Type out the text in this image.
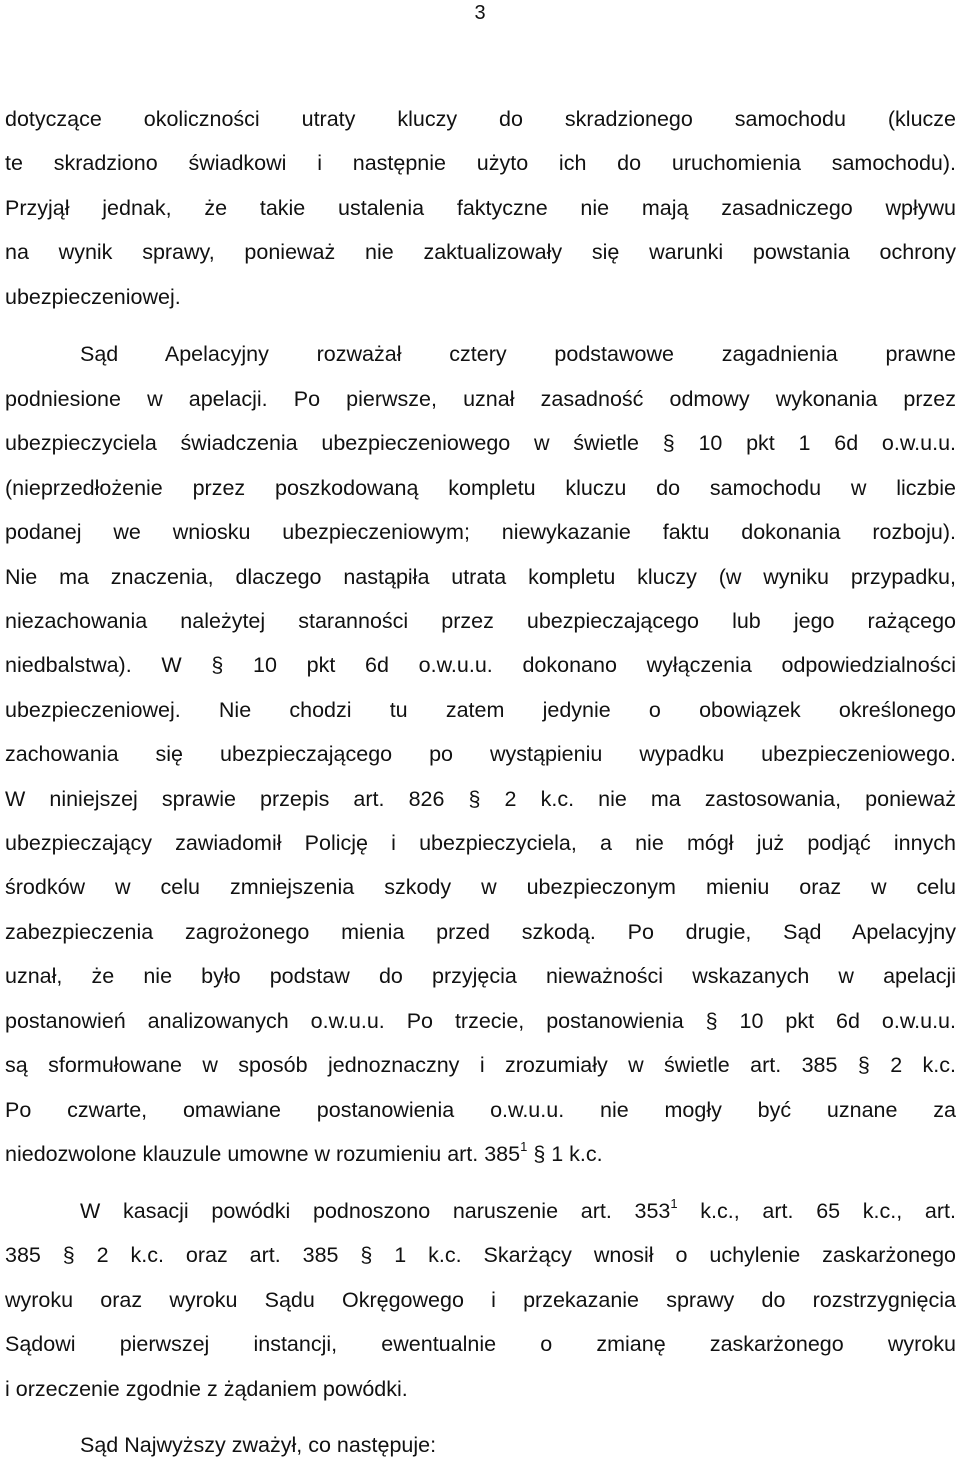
3
dotyczące okoliczności utraty kluczy do skradzionego samochodu (klucze
te skradziono świadkowi i następnie użyto ich do uruchomienia samochodu).
Przyjął jednak, że takie ustalenia faktyczne nie mają zasadniczego wpływu
na wynik sprawy, ponieważ nie zaktualizowały się warunki powstania ochrony
ubezpieczeniowej.
Sąd Apelacyjny rozważał cztery podstawowe zagadnienia prawne
podniesione w apelacji. Po pierwsze, uznał zasadność odmowy wykonania przez
ubezpieczyciela świadczenia ubezpieczeniowego w świetle § 10 pkt 1 6d o.w.u.u.
(nieprzedłożenie przez poszkodowaną kompletu kluczu do samochodu w liczbie
podanej we wniosku ubezpieczeniowym; niewykazanie faktu dokonania rozboju).
Nie ma znaczenia, dlaczego nastąpiła utrata kompletu kluczy (w wyniku przypadku,
niezachowania należytej staranności przez ubezpieczającego lub jego rażącego
niedbalstwa). W § 10 pkt 6d o.w.u.u. dokonano wyłączenia odpowiedzialności
ubezpieczeniowej. Nie chodzi tu zatem jedynie o obowiązek określonego
zachowania się ubezpieczającego po wystąpieniu wypadku ubezpieczeniowego.
W niniejszej sprawie przepis art. 826 § 2 k.c. nie ma zastosowania, ponieważ
ubezpieczający zawiadomił Policję i ubezpieczyciela, a nie mógł już podjąć innych
środków w celu zmniejszenia szkody w ubezpieczonym mieniu oraz w celu
zabezpieczenia zagrożonego mienia przed szkodą. Po drugie, Sąd Apelacyjny
uznał, że nie było podstaw do przyjęcia nieważności wskazanych w apelacji
postanowień analizowanych o.w.u.u. Po trzecie, postanowienia § 10 pkt 6d o.w.u.u.
są sformułowane w sposób jednoznaczny i zrozumiały w świetle art. 385 § 2 k.c.
Po czwarte, omawiane postanowienia o.w.u.u. nie mogły być uznane za
niedozwolone klauzule umowne w rozumieniu art. $385^1$ § 1 k.c.
W kasacji powódki podnoszono naruszenie art. $353^1$ k.c., art. 65 k.c., art.
385 § 2 k.c. oraz art. 385 § 1 k.c. Skarżący wnosił o uchylenie zaskarżonego
wyroku oraz wyroku Sądu Okręgowego i przekazanie sprawy do rozstrzygnięcia
Sądowi pierwszej instancji, ewentualnie o zmianę zaskarżonego wyroku
i orzeczenie zgodnie z żądaniem powódki.
Sąd Najwyższy zważył, co następuje:
